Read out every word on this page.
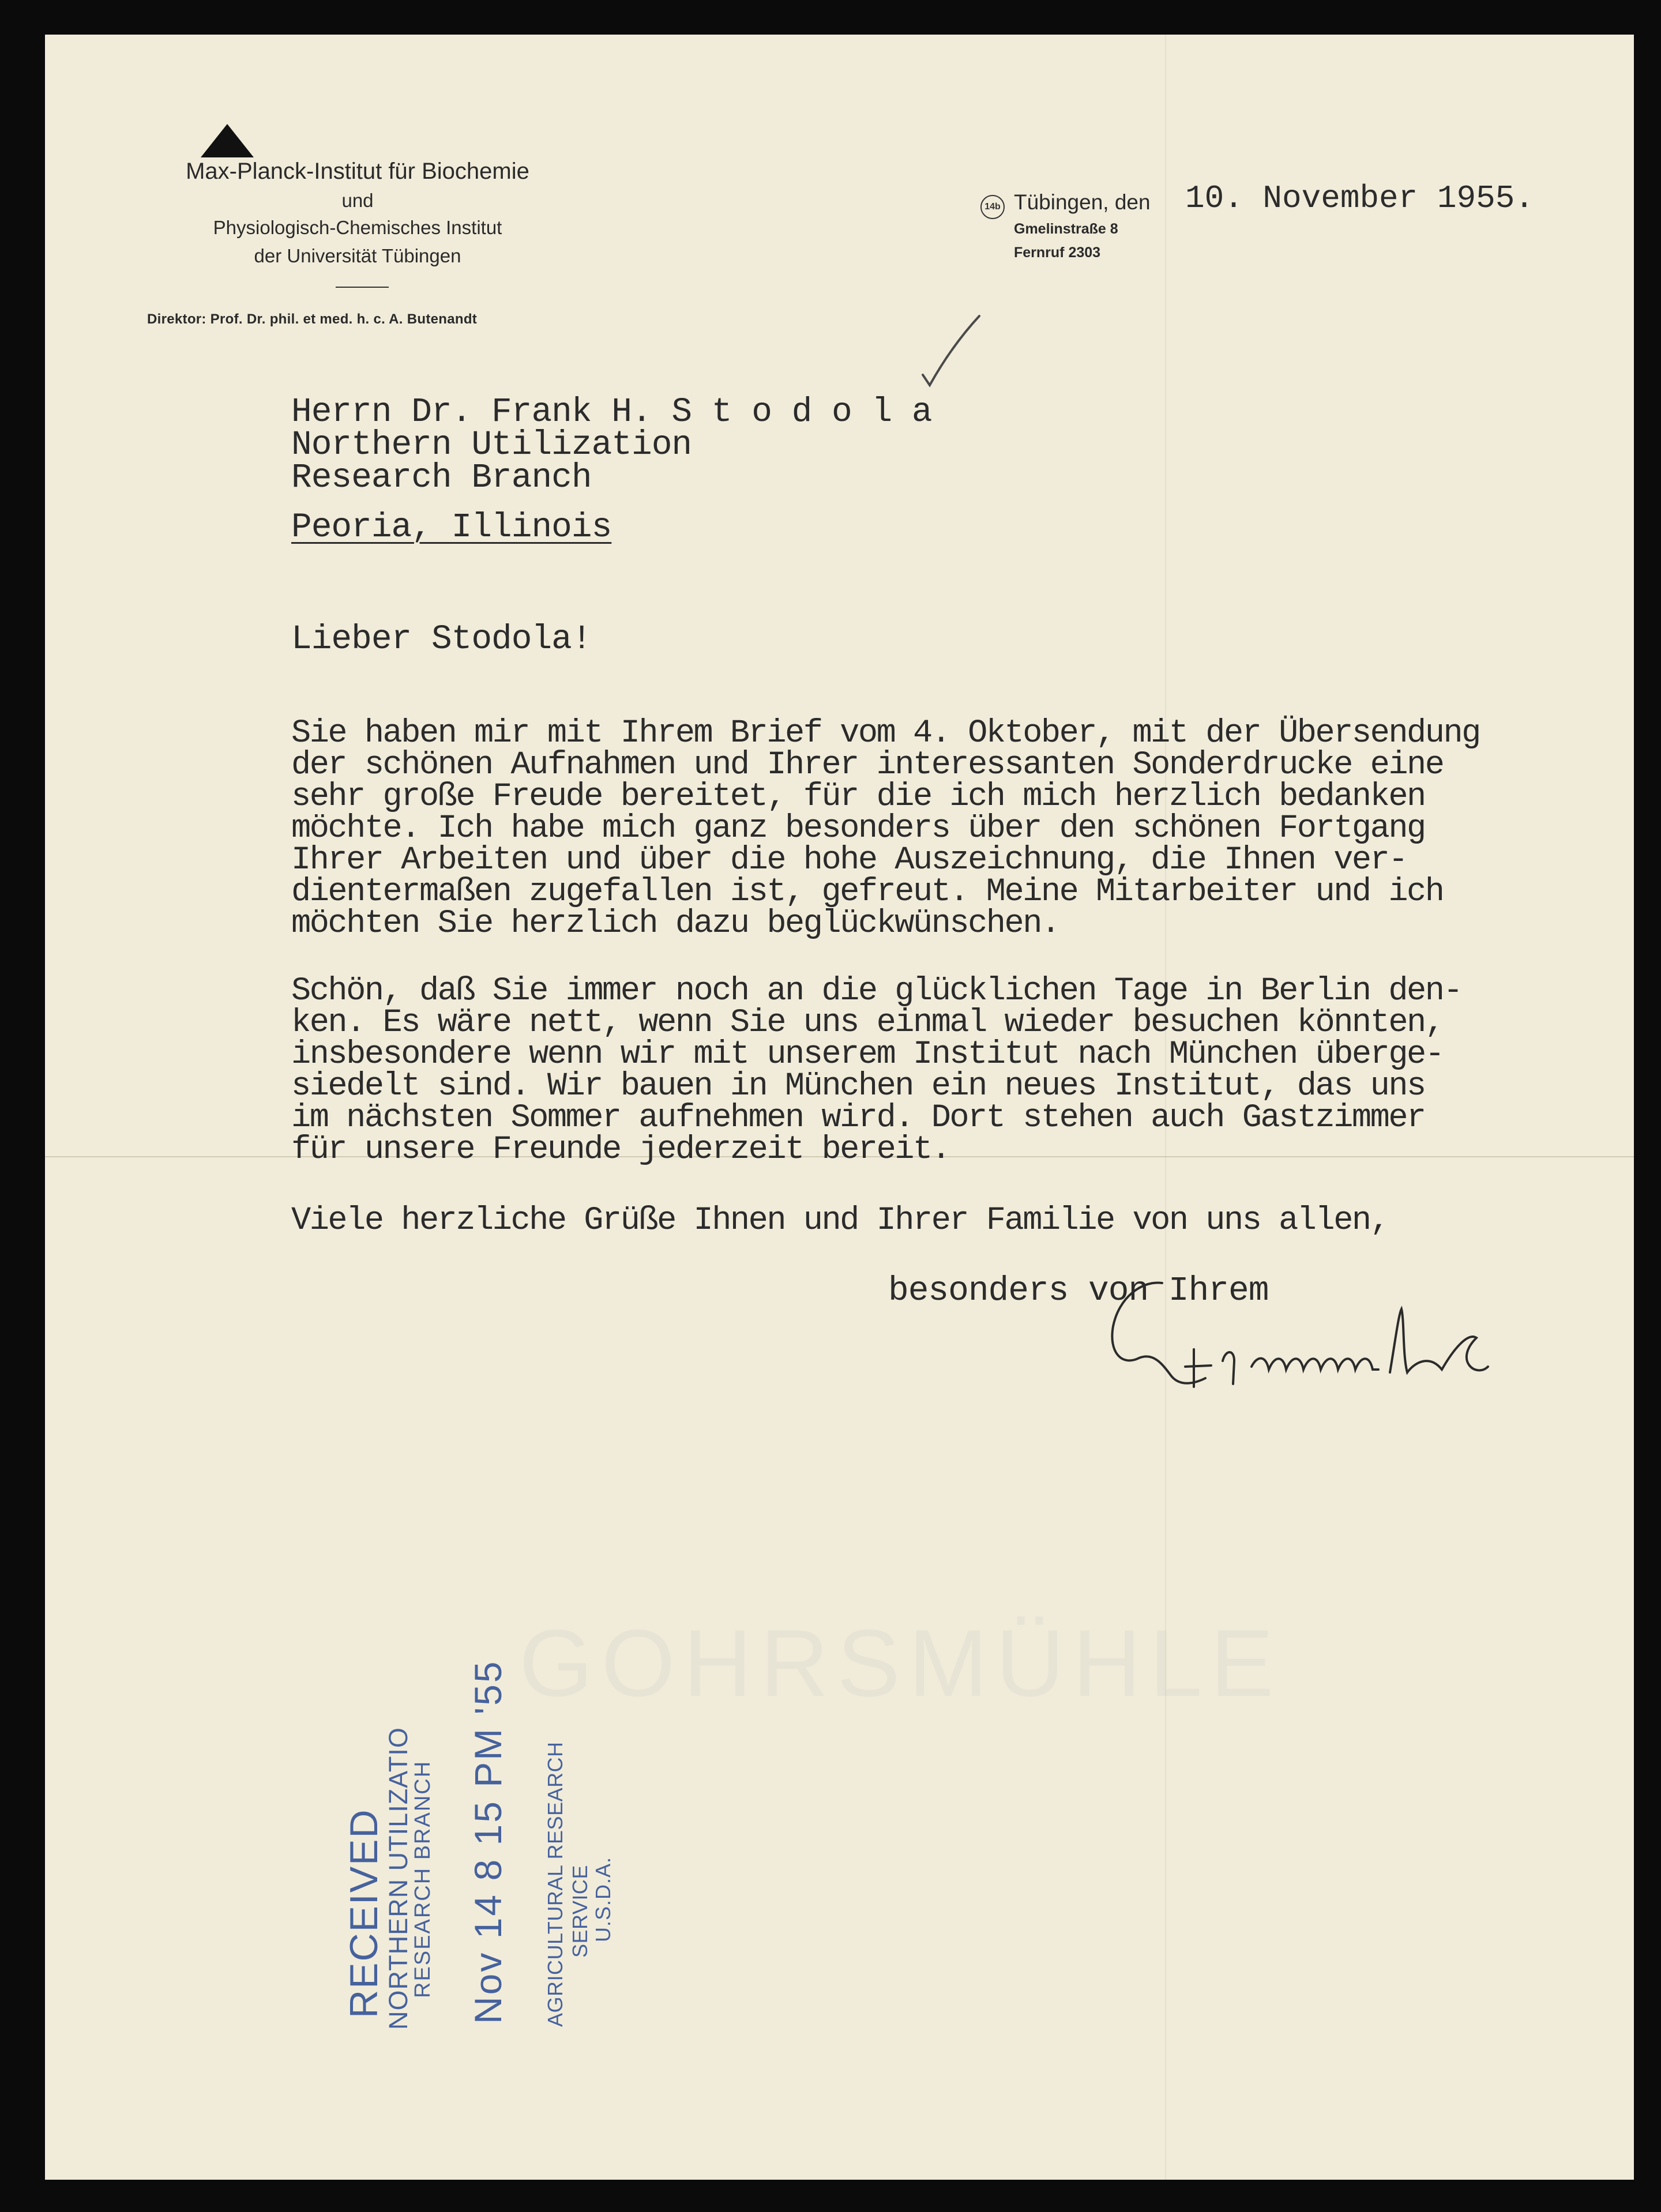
GOHRSMÜHLE
Max-Planck-Institut für Biochemie
und
Physiologisch-Chemisches Institut
der Universität Tübingen
Direktor: Prof. Dr. phil. et med. h. c. A. Butenandt
14b Tübingen, den
Gmelinstraße 8
Fernruf 2303
10. November 1955.
Herrn Dr. Frank H. S t o d o l a
Northern Utilization
Research Branch
Peoria, Illinois
Lieber Stodola!
Sie haben mir mit Ihrem Brief vom 4. Oktober, mit der Übersendung
der schönen Aufnahmen und Ihrer interessanten Sonderdrucke eine
sehr große Freude bereitet, für die ich mich herzlich bedanken
möchte. Ich habe mich ganz besonders über den schönen Fortgang
Ihrer Arbeiten und über die hohe Auszeichnung, die Ihnen ver-
dientermaßen zugefallen ist, gefreut. Meine Mitarbeiter und ich
möchten Sie herzlich dazu beglückwünschen.
Schön, daß Sie immer noch an die glücklichen Tage in Berlin den-
ken. Es wäre nett, wenn Sie uns einmal wieder besuchen könnten,
insbesondere wenn wir mit unserem Institut nach München überge-
siedelt sind. Wir bauen in München ein neues Institut, das uns
im nächsten Sommer aufnehmen wird. Dort stehen auch Gastzimmer
für unsere Freunde jederzeit bereit.
Viele herzliche Grüße Ihnen und Ihrer Familie von uns allen,
besonders von Ihrem
RECEIVED
NORTHERN UTILIZATIO
RESEARCH BRANCH Nov 14 8 15 PM '55 AGRICULTURAL RESEARCH SERVICE U.S.D.A.
